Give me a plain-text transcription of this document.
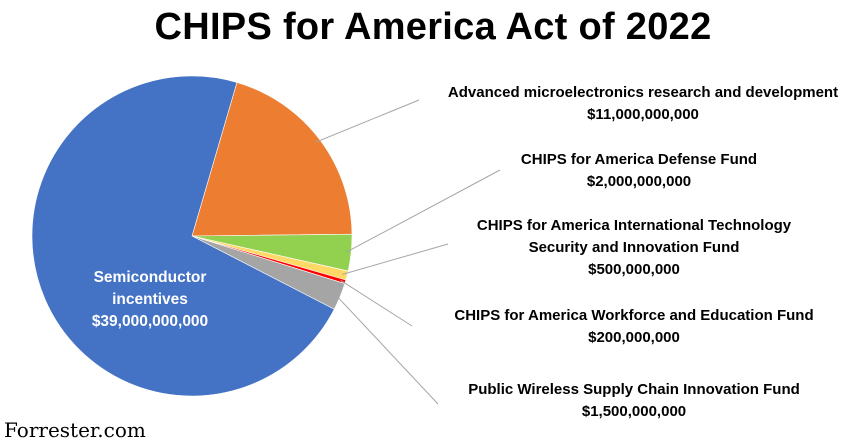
CHIPS for America Act of 2022
Advanced microelectronics research and development $11,000,000,000
CHIPS for America Defense Fund $2,000,000,000
CHIPS for America International Technology Security and Innovation Fund $500,000,000
CHIPS for America Workforce and Education Fund $200,000,000
Public Wireless Supply Chain Innovation Fund $1,500,000,000
Semiconductor incentives $39,000,000,000
Forrester.com
